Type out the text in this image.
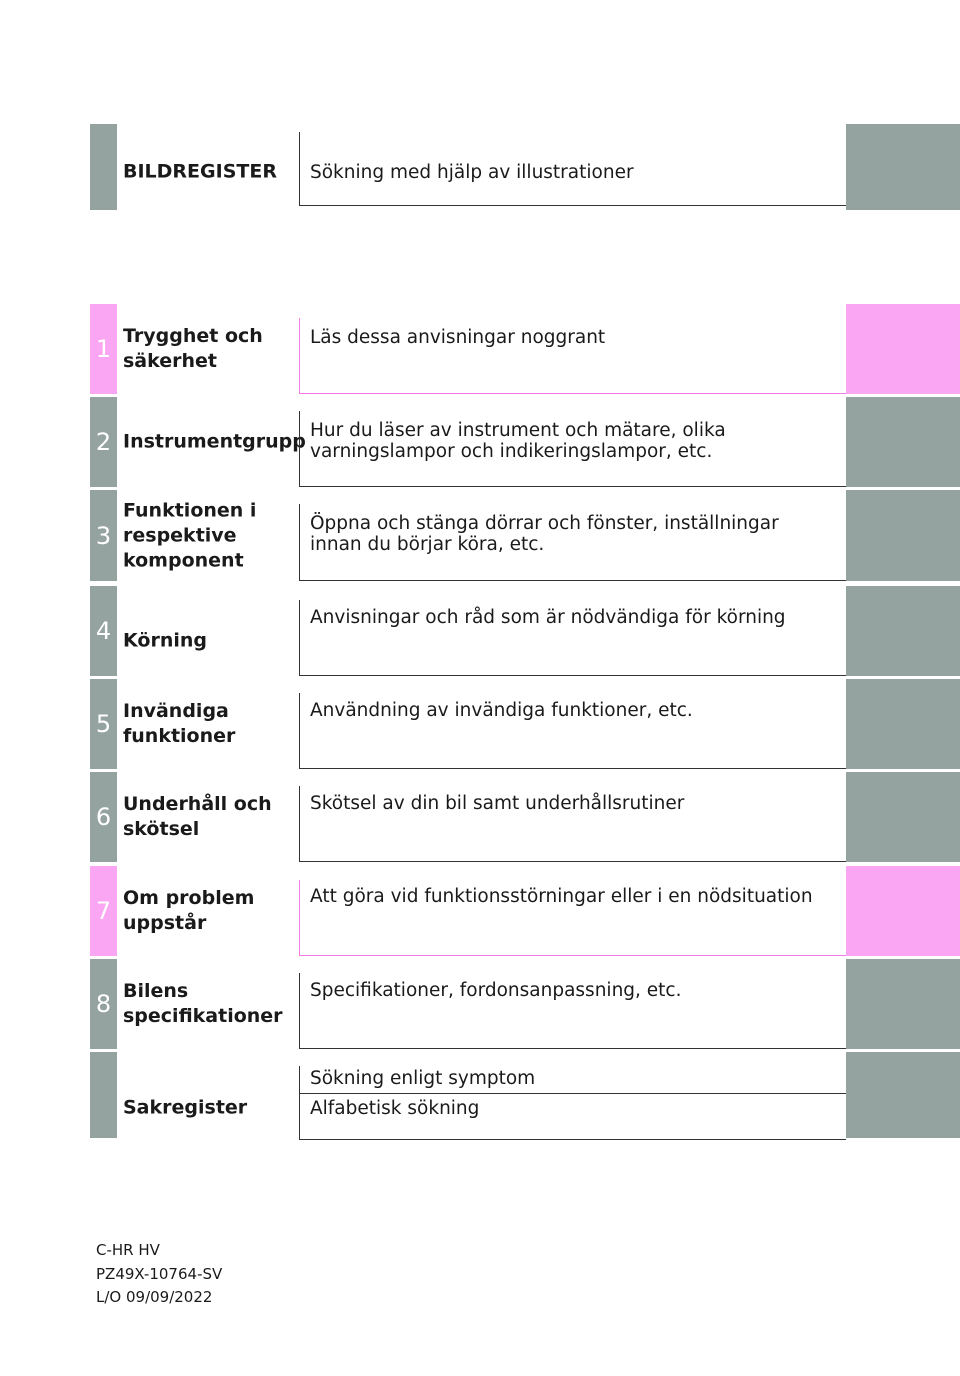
BILDREGISTER	Sökning med hjälp av illustrationer
1 Trygghet och
säkerhet
Läs dessa anvisningar noggrant
2 Instrumentgrupp Hur du läser av instrument och mätare, olika
varningslampor och indikeringslampor, etc.
3
Funktionen i
respektive
komponent
Öppna och stänga dörrar och fönster, inställningar
innan du börjar köra, etc.
4 Körning
Anvisningar och råd som är nödvändiga för körning
5 Invändiga
funktioner
Användning av invändiga funktioner, etc.
6 Underhåll och
skötsel
Skötsel av din bil samt underhållsrutiner
7 Om problem
uppstår
Att göra vid funktionsstörningar eller i en nödsituation
8 Bilens
specifikationer
Specifikationer, fordonsanpassning, etc.
Sakregister
Sökning enligt symptom
Alfabetisk sökning
C-HR HV
PZ49X-10764-SV
L/O 09/09/2022
